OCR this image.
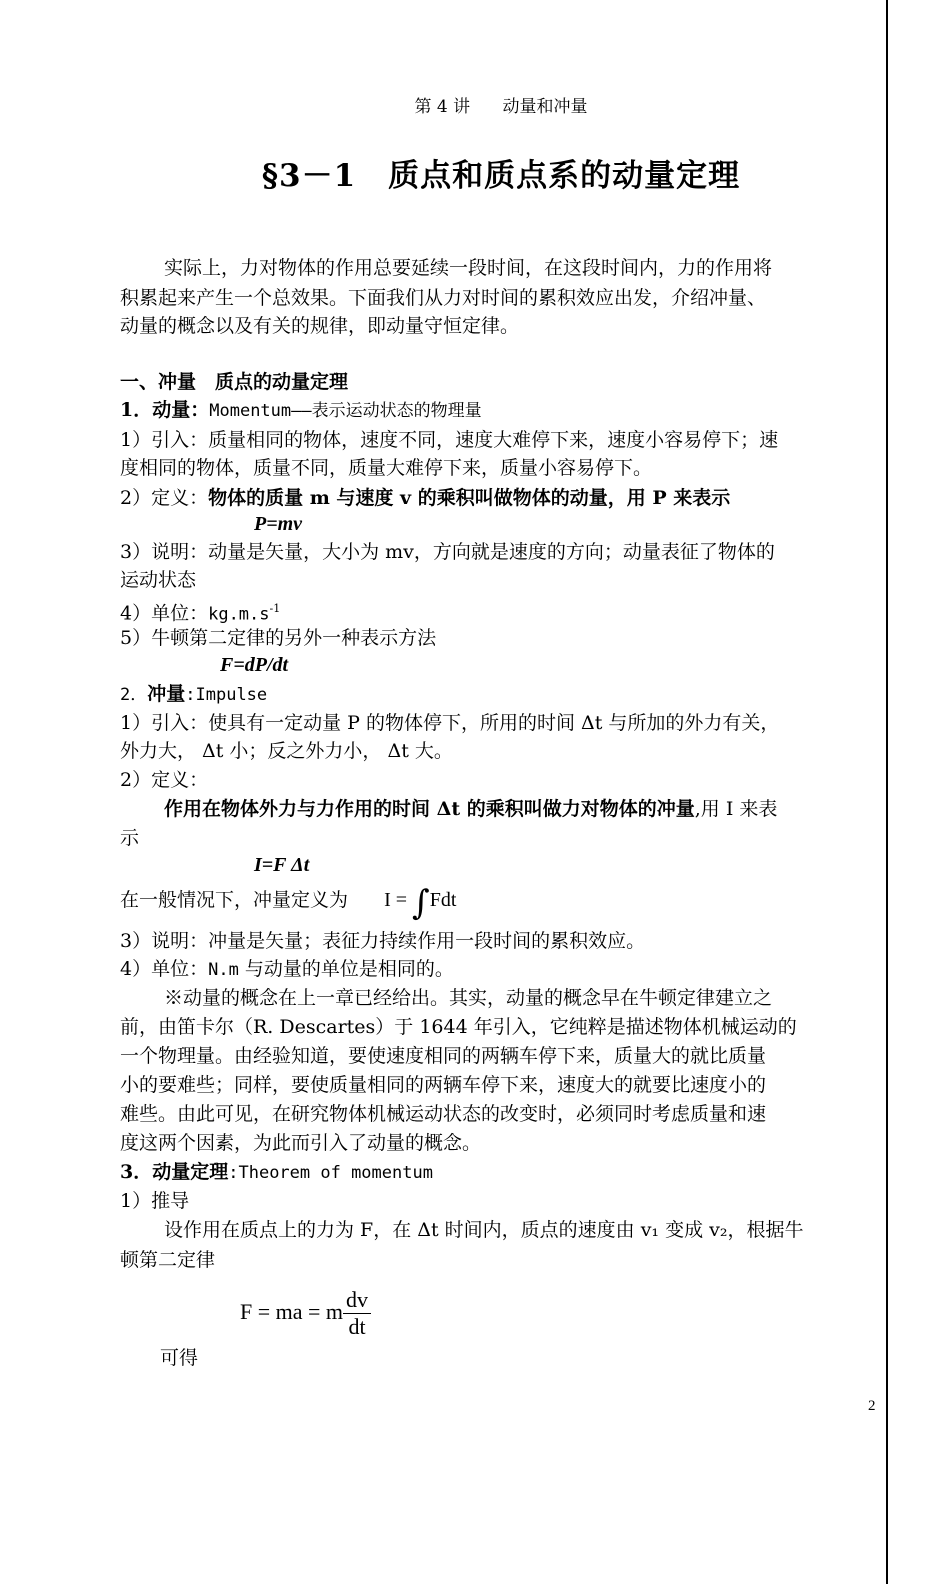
第 4 讲 动量和冲量
§3－1　质点和质点系的动量定理
实际上，力对物体的作用总要延续一段时间，在这段时间内，力的作用将
积累起来产生一个总效果。下面我们从力对时间的累积效应出发，介绍冲量、
动量的概念以及有关的规律，即动量守恒定律。
一、冲量　质点的动量定理
1．动量：Momentum——表示运动状态的物理量
1）引入：质量相同的物体，速度不同，速度大难停下来，速度小容易停下；速
度相同的物体，质量不同，质量大难停下来，质量小容易停下。
2）定义：物体的质量 m 与速度 v 的乘积叫做物体的动量，用 P 来表示
P=mv
3）说明：动量是矢量，大小为 mv，方向就是速度的方向；动量表征了物体的
运动状态
4）单位：$kg.m.s^{-1}$
5）牛顿第二定律的另外一种表示方法
F=dP/dt
2．冲量:Impulse
1）引入：使具有一定动量 P 的物体停下，所用的时间 Δt 与所加的外力有关，
外力大， Δt 小；反之外力小， Δt 大。
2）定义：
作用在物体外力与力作用的时间 Δt 的乘积叫做力对物体的冲量,用 I 来表
示
I=F Δt
在一般情况下，冲量定义为 I = ∫Fdt
3）说明：冲量是矢量；表征力持续作用一段时间的累积效应。
4）单位：N.m 与动量的单位是相同的。
※动量的概念在上一章已经给出。其实，动量的概念早在牛顿定律建立之
前，由笛卡尔（R. Descartes）于 1644 年引入，它纯粹是描述物体机械运动的
一个物理量。由经验知道，要使速度相同的两辆车停下来，质量大的就比质量
小的要难些；同样，要使质量相同的两辆车停下来，速度大的就要比速度小的
难些。由此可见，在研究物体机械运动状态的改变时，必须同时考虑质量和速
度这两个因素，为此而引入了动量的概念。
3．动量定理:Theorem of momentum
1）推导
设作用在质点上的力为 F，在 Δt 时间内，质点的速度由 v₁ 变成 v₂，根据牛
顿第二定律
F = ma = m $\frac{dv}{dt}$
可得
2
